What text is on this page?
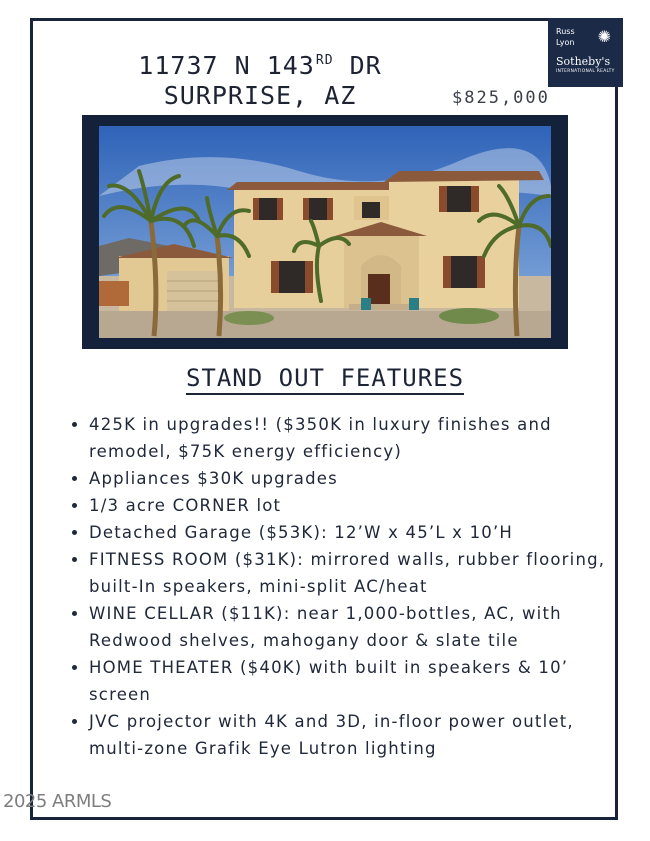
Russ
Lyon	✺
Sotheby's
INTERNATIONAL REALTY
11737 N 143RD DR
SURPRISE, AZ	$825,000
STAND OUT FEATURES
• 425K in upgrades!! ($350K in luxury finishes and remodel, $75K energy efficiency)
• Appliances $30K upgrades
• 1/3 acre CORNER lot
• Detached Garage ($53K): 12’W x 45’L x 10’H
• FITNESS ROOM ($31K): mirrored walls, rubber flooring, built-In speakers, mini-split AC/heat
• WINE CELLAR ($11K): near 1,000-bottles, AC, with Redwood shelves, mahogany door & slate tile
• HOME THEATER ($40K) with built in speakers & 10’ screen
• JVC projector with 4K and 3D, in-floor power outlet, multi-zone Grafik Eye Lutron lighting
2025 ARMLS
